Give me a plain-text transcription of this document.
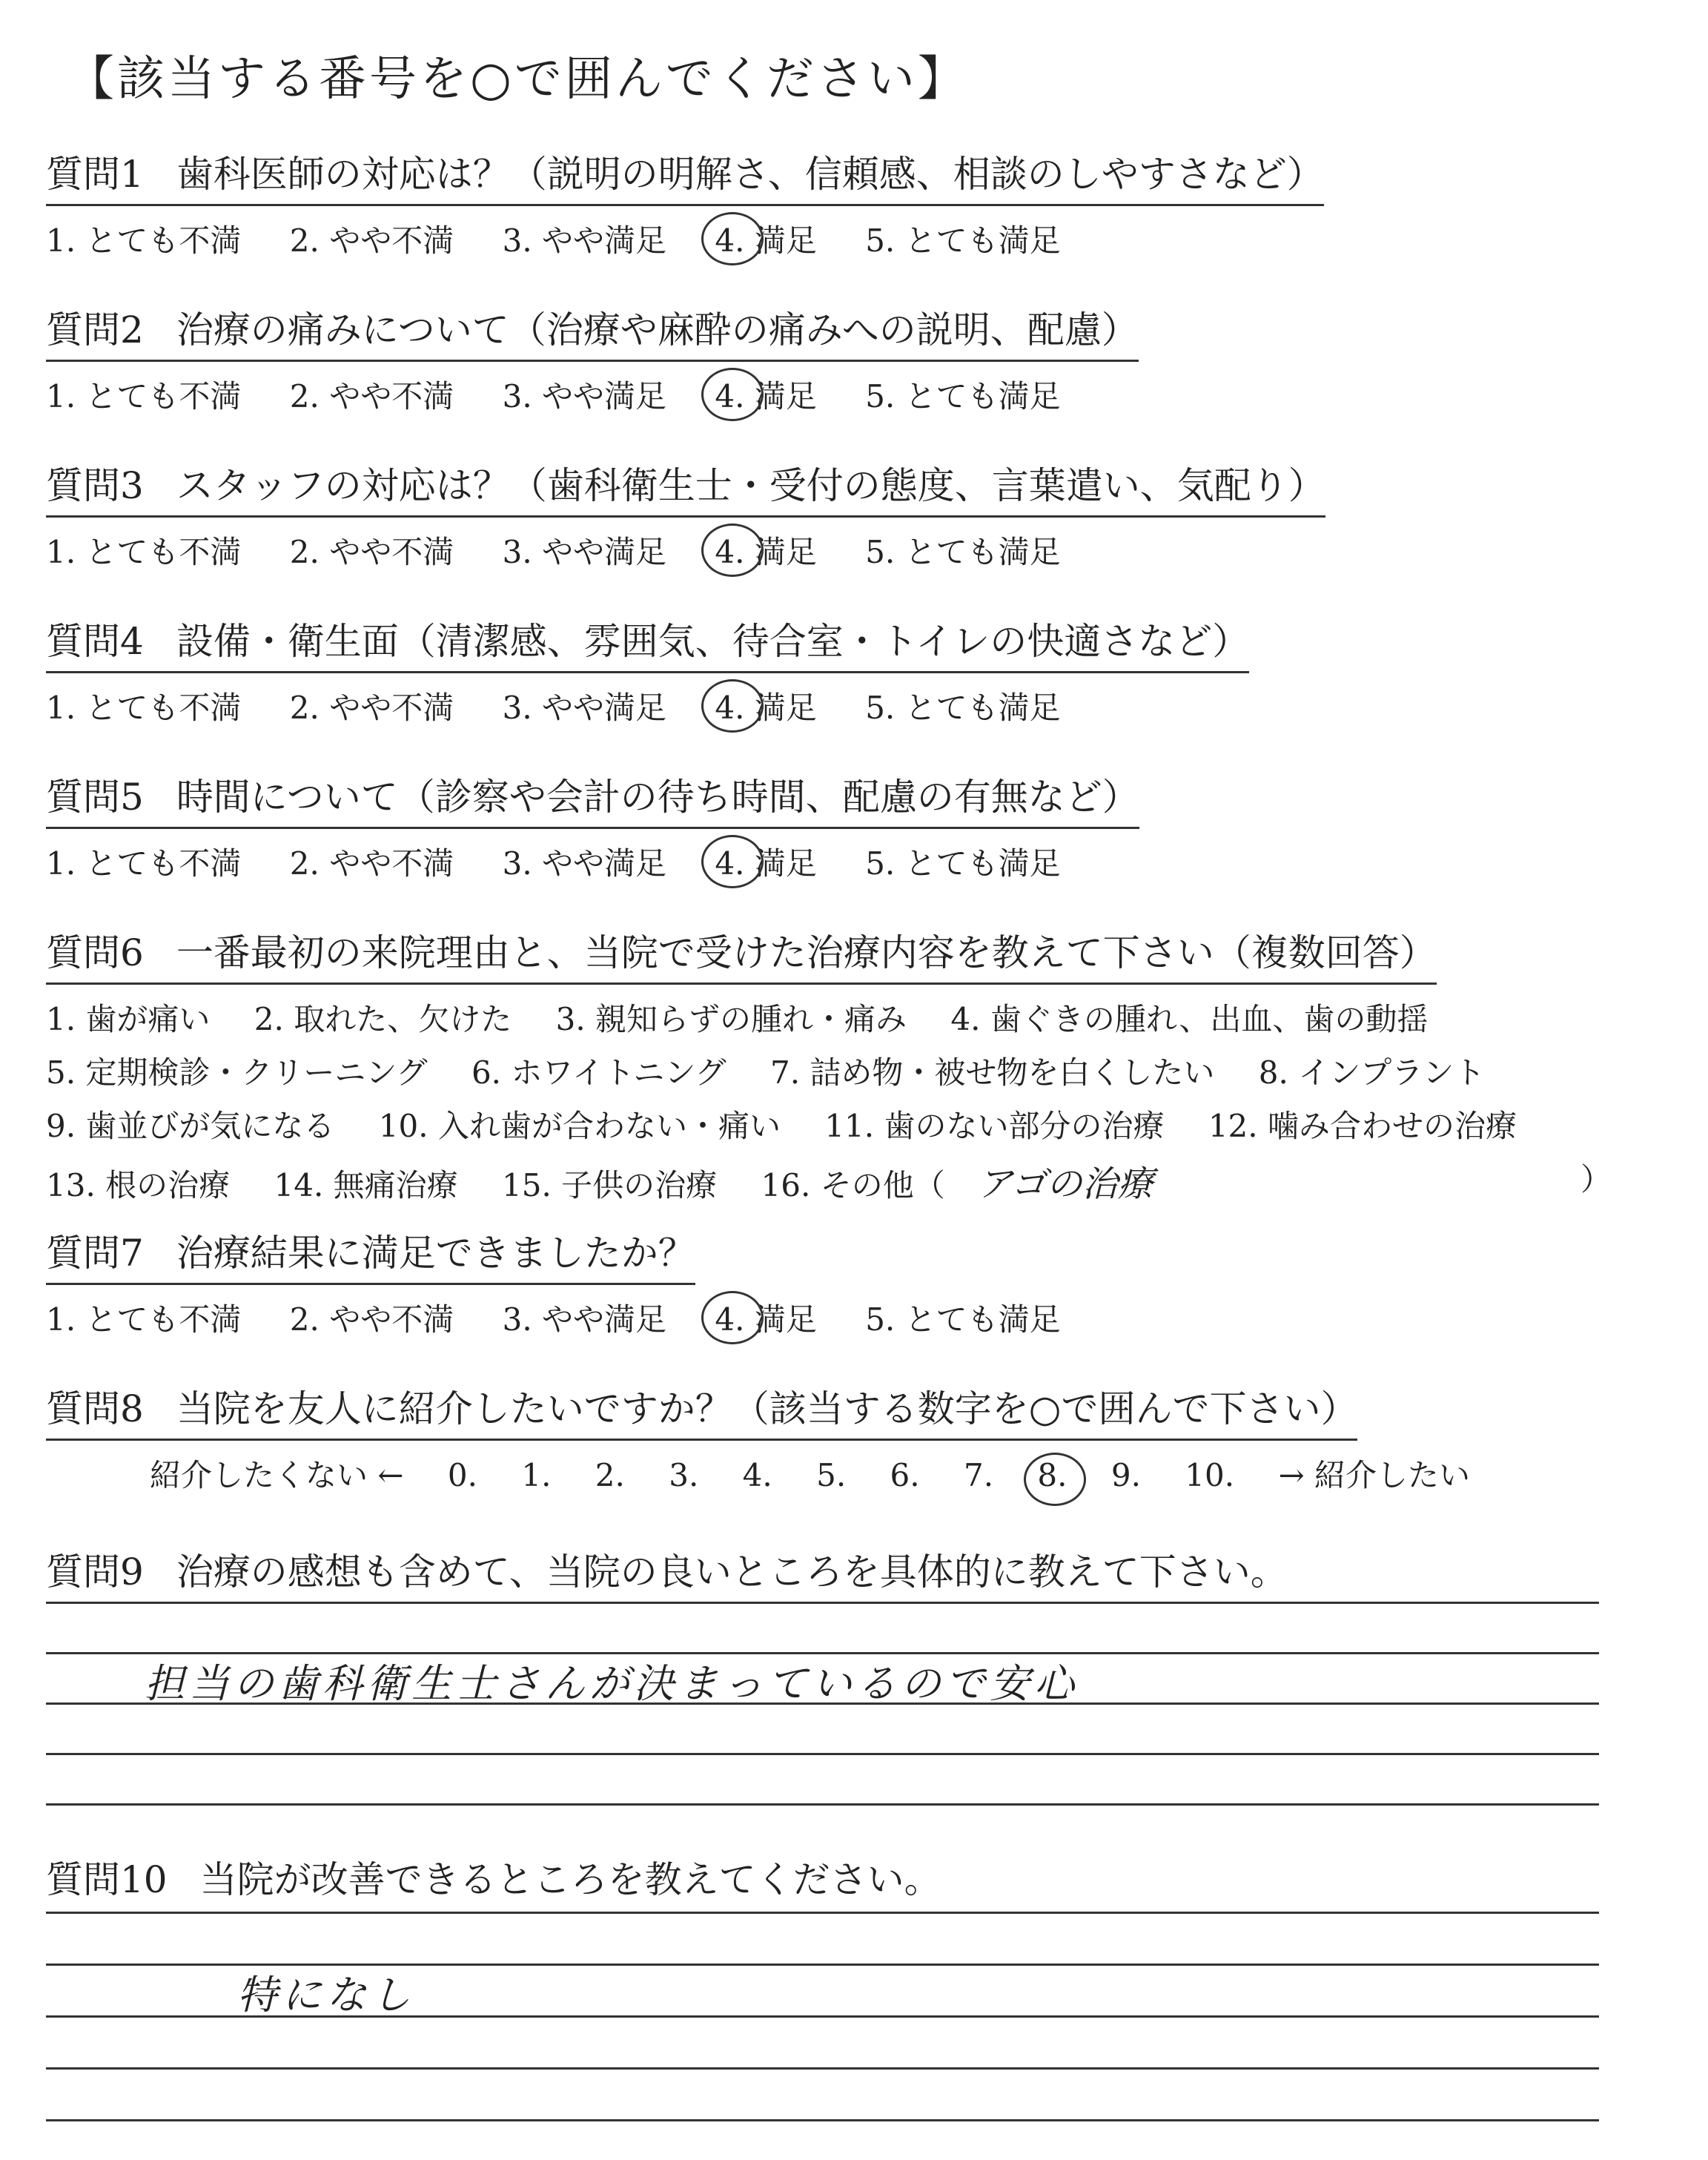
【該当する番号を○で囲んでください】
質問1 歯科医師の対応は？（説明の明解さ、信頼感、相談のしやすさなど）
1. とても不満 2. やや不満 3. やや満足 4. 満足 5. とても満足
質問2 治療の痛みについて（治療や麻酔の痛みへの説明、配慮）
1. とても不満 2. やや不満 3. やや満足 4. 満足 5. とても満足
質問3 スタッフの対応は？（歯科衛生士・受付の態度、言葉遣い、気配り）
1. とても不満 2. やや不満 3. やや満足 4. 満足 5. とても満足
質問4 設備・衛生面（清潔感、雰囲気、待合室・トイレの快適さなど）
1. とても不満 2. やや不満 3. やや満足 4. 満足 5. とても満足
質問5 時間について（診察や会計の待ち時間、配慮の有無など）
1. とても不満 2. やや不満 3. やや満足 4. 満足 5. とても満足
質問6 一番最初の来院理由と、当院で受けた治療内容を教えて下さい（複数回答）
1. 歯が痛い 2. 取れた、欠けた 3. 親知らずの腫れ・痛み 4. 歯ぐきの腫れ、出血、歯の動揺
5. 定期検診・クリーニング 6. ホワイトニング 7. 詰め物・被せ物を白くしたい 8. インプラント
9. 歯並びが気になる 10. 入れ歯が合わない・痛い 11. 歯のない部分の治療 12. 噛み合わせの治療
13. 根の治療 14. 無痛治療 15. 子供の治療 16. その他（ アゴの治療	）
質問7 治療結果に満足できましたか？
1. とても不満 2. やや不満 3. やや満足 4. 満足 5. とても満足
質問8 当院を友人に紹介したいですか？（該当する数字を○で囲んで下さい）
紹介したくない ← 0. 1. 2. 3. 4. 5. 6. 7. 8. 9. 10. → 紹介したい
質問9 治療の感想も含めて、当院の良いところを具体的に教えて下さい。
担当の歯科衛生士さんが決まっているので安心
質問10 当院が改善できるところを教えてください。
特になし
